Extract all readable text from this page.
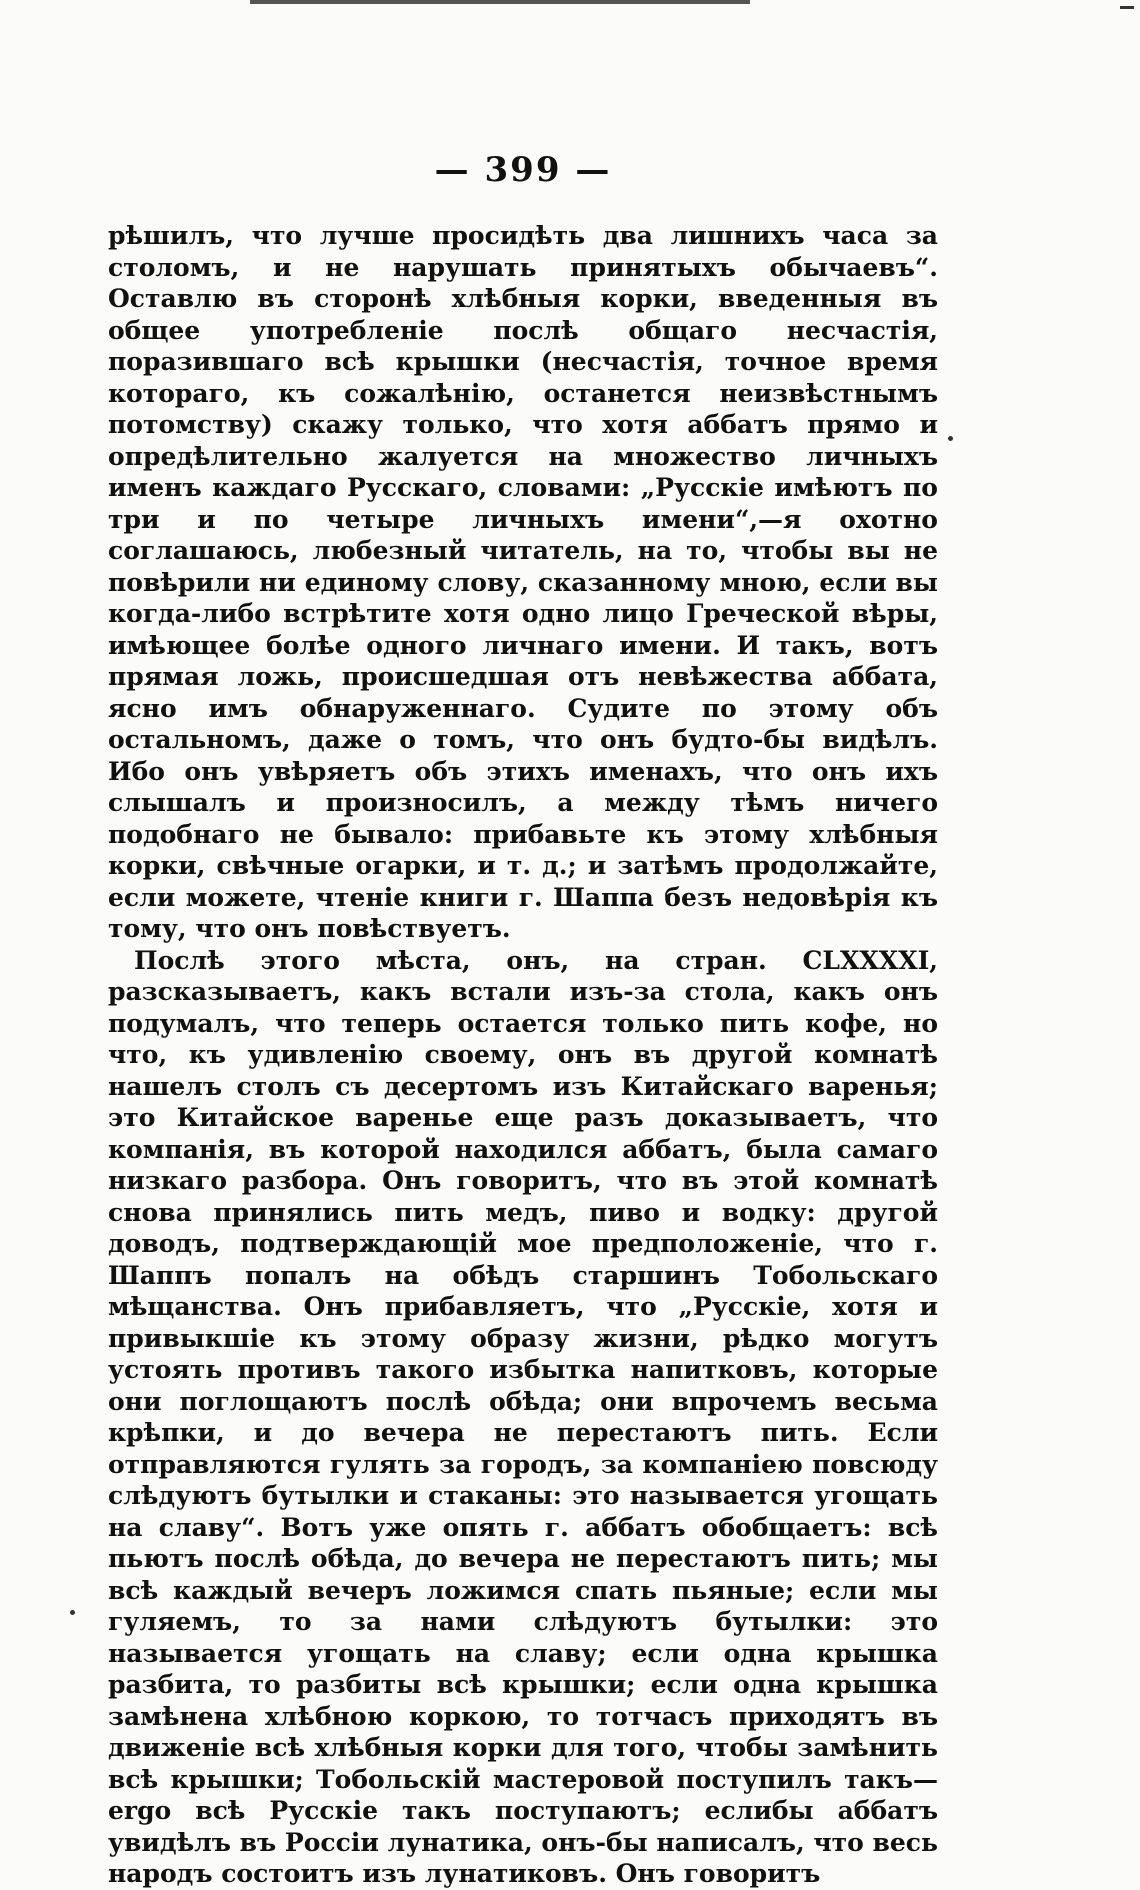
— 399 —

рѣшилъ, что лучше просидѣть два лишнихъ часа за столомъ, и не нарушать принятыхъ обычаевъ“. Оставлю въ сторонѣ хлѣбныя корки, введенныя въ общее употребленіе послѣ общаго несчастія, поразившаго всѣ крышки (несчастія, точное время котораго, къ сожалѣнію, останется неизвѣстнымъ потомству) скажу только, что хотя аббатъ прямо и опредѣлительно жалуется на множество личныхъ именъ каждаго Русскаго, словами: „Русскіе имѣютъ по три и по четыре личныхъ имени“,—я охотно соглашаюсь, любезный читатель, на то, чтобы вы не повѣрили ни единому слову, сказанному мною, если вы когда-либо встрѣтите хотя одно лицо Греческой вѣры, имѣющее болѣе одного личнаго имени. И такъ, вотъ прямая ложь, происшедшая отъ невѣжества аббата, ясно имъ обнаруженнаго. Судите по этому объ остальномъ, даже о томъ, что онъ будто-бы видѣлъ. Ибо онъ увѣряетъ объ этихъ именахъ, что онъ ихъ слышалъ и произносилъ, а между тѣмъ ничего подобнаго не бывало: прибавьте къ этому хлѣбныя корки, свѣчные огарки, и т. д.; и затѣмъ продолжайте, если можете, чтеніе книги г. Шаппа безъ недовѣрія къ тому, что онъ повѣствуетъ.

Послѣ этого мѣста, онъ, на стран. CLXXXXI, разсказываетъ, какъ встали изъ-за стола, какъ онъ подумалъ, что теперь остается только пить кофе, но что, къ удивленію своему, онъ въ другой комнатѣ нашелъ столъ съ десертомъ изъ Китайскаго варенья; это Китайское варенье еще разъ доказываетъ, что компанія, въ которой находился аббатъ, была самаго низкаго разбора. Онъ говоритъ, что въ этой комнатѣ снова принялись пить медъ, пиво и водку: другой доводъ, подтверждающій мое предположеніе, что г. Шаппъ попалъ на обѣдъ старшинъ Тобольскаго мѣщанства. Онъ прибавляетъ, что „Русскіе, хотя и привыкшіе къ этому образу жизни, рѣдко могутъ устоять противъ такого избытка напитковъ, которые они поглощаютъ послѣ обѣда; они впрочемъ весьма крѣпки, и до вечера не перестаютъ пить. Если отправляются гулять за городъ, за компаніею повсюду слѣдуютъ бутылки и стаканы: это называется угощать на славу“. Вотъ уже опять г. аббатъ обобщаетъ: всѣ пьютъ послѣ обѣда, до вечера не перестаютъ пить; мы всѣ каждый вечеръ ложимся спать пьяные; если мы гуляемъ, то за нами слѣдуютъ бутылки: это называется угощать на славу; если одна крышка разбита, то разбиты всѣ крышки; если одна крышка замѣнена хлѣбною коркою, то тотчасъ приходятъ въ движеніе всѣ хлѣбныя корки для того, чтобы замѣнить всѣ крышки; Тобольскій мастеровой поступилъ такъ—ergo всѣ Русскіе такъ поступаютъ; еслибы аббатъ увидѣлъ въ Россіи лунатика, онъ-бы написалъ, что весь народъ состоитъ изъ лунатиковъ. Онъ говоритъ
